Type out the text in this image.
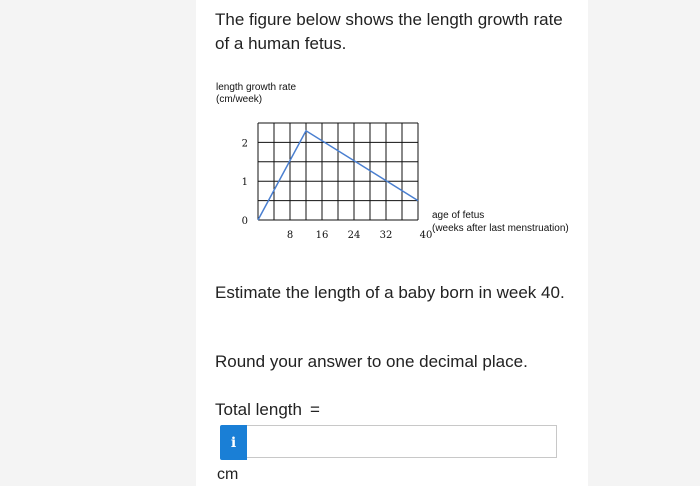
The figure below shows the length growth rate of a human fetus.
length growth rate
(cm/week)
8 16 24 32	40
0
1
2
age of fetus
(weeks after last menstruation)
Estimate the length of a baby born in week 40.
Round your answer to one decimal place.
Total length =
i
cm
